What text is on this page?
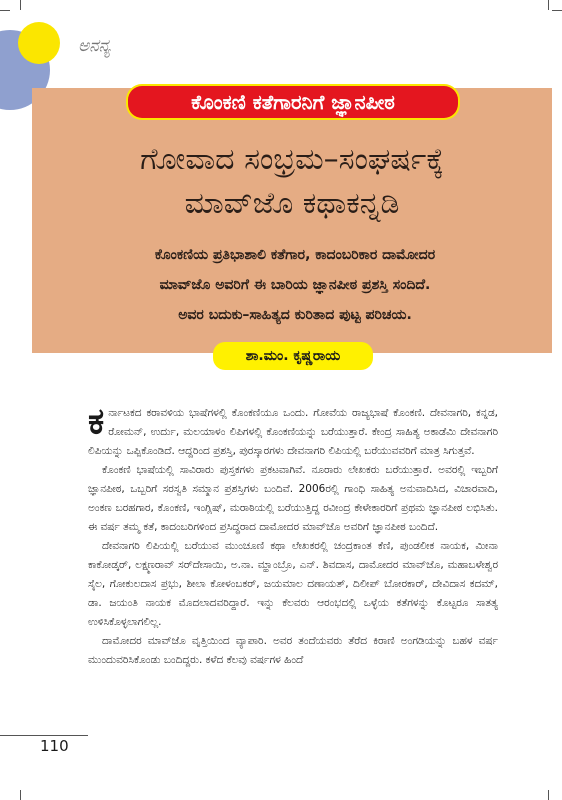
ಅನನ್ಯ
ಕೊಂಕಣಿ ಕತೆಗಾರನಿಗೆ ಜ್ಞಾನಪೀಠ
ಗೋವಾದ ಸಂಭ್ರಮ–ಸಂಘರ್ಷಕ್ಕೆ
ಮಾವ್‌ಜೊ ಕಥಾಕನ್ನಡಿ
ಕೊಂಕಣಿಯ ಪ್ರತಿಭಾಶಾಲಿ ಕತೆಗಾರ, ಕಾದಂಬರಿಕಾರ ದಾಮೋದರ
ಮಾವ್‌ಜೊ ಅವರಿಗೆ ಈ ಬಾರಿಯ ಜ್ಞಾನಪೀಠ ಪ್ರಶಸ್ತಿ ಸಂದಿದೆ.
ಅವರ ಬದುಕು–ಸಾಹಿತ್ಯದ ಕುರಿತಾದ ಪುಟ್ಟ ಪರಿಚಯ.
ಶಾ.ಮಂ. ಕೃಷ್ಣರಾಯ

ಕರ್ನಾಟಕದ ಕರಾವಳಿಯ ಭಾಷೆಗಳಲ್ಲಿ ಕೊಂಕಣಿಯೂ ಒಂದು. ಗೋವೆಯ ರಾಜ್ಯಭಾಷೆ ಕೊಂಕಣಿ. ದೇವನಾಗರಿ, ಕನ್ನಡ, ರೋಮನ್, ಉರ್ದು, ಮಲಯಾಳಂ ಲಿಪಿಗಳಲ್ಲಿ ಕೊಂಕಣಿಯನ್ನು ಬರೆಯುತ್ತಾರೆ. ಕೇಂದ್ರ ಸಾಹಿತ್ಯ ಅಕಾಡೆಮಿ ದೇವನಾಗರಿ ಲಿಪಿಯನ್ನು ಒಪ್ಪಿಕೊಂಡಿದೆ. ಆದ್ದರಿಂದ ಪ್ರಶಸ್ತಿ, ಪುರಸ್ಕಾರಗಳು ದೇವನಾಗರಿ ಲಿಪಿಯಲ್ಲಿ ಬರೆಯುವವರಿಗೆ ಮಾತ್ರ ಸಿಗುತ್ತವೆ.

ಕೊಂಕಣಿ ಭಾಷೆಯಲ್ಲಿ ಸಾವಿರಾರು ಪುಸ್ತಕಗಳು ಪ್ರಕಟವಾಗಿವೆ. ನೂರಾರು ಲೇಖಕರು ಬರೆಯುತ್ತಾರೆ. ಅವರಲ್ಲಿ ಇಬ್ಬರಿಗೆ ಜ್ಞಾನಪೀಠ, ಒಬ್ಬರಿಗೆ ಸರಸ್ವತಿ ಸಮ್ಮಾನ ಪ್ರಶಸ್ತಿಗಳು ಬಂದಿವೆ. 2006ರಲ್ಲಿ ಗಾಂಧಿ ಸಾಹಿತ್ಯ ಅನುವಾದಿಸಿದ, ವಿಚಾರವಾದಿ, ಅಂಕಣ ಬರಹಗಾರ, ಕೊಂಕಣಿ, ಇಂಗ್ಲಿಷ್, ಮರಾಠಿಯಲ್ಲಿ ಬರೆಯುತ್ತಿದ್ದ ರವೀಂದ್ರ ಕೇಳೇಕಾರರಿಗೆ ಪ್ರಥಮ ಜ್ಞಾನಪೀಠ ಲಭಿಸಿತು. ಈ ವರ್ಷ ತಮ್ಮ ಕತೆ, ಕಾದಂಬರಿಗಳಿಂದ ಪ್ರಸಿದ್ಧರಾದ ದಾಮೋದರ ಮಾವ್‌ಜೊ ಅವರಿಗೆ ಜ್ಞಾನಪೀಠ ಬಂದಿದೆ.

ದೇವನಾಗರಿ ಲಿಪಿಯಲ್ಲಿ ಬರೆಯುವ ಮುಂಚೂಣಿ ಕಥಾ ಲೇಖಕರಲ್ಲಿ ಚಂದ್ರಕಾಂತ ಕೆಣಿ, ಪುಂಡಲೀಕ ನಾಯಕ, ಮೀನಾ ಕಾಕೋಡ್ಕರ್, ಲಕ್ಷ್ಮಣರಾವ್ ಸರ್‌ದೇಸಾಯಿ, ಅ.ನಾ. ಮ್ಹಾಂಬ್ರೊ, ಎನ್. ಶಿವದಾಸ, ದಾಮೋದರ ಮಾವ್‌ಜೊ, ಮಹಾಬಳೇಶ್ವರ ಸೈಲ, ಗೋಕುಲದಾಸ ಪ್ರಭು, ಶೀಲಾ ಕೋಳಂಬಕರ್, ಜಯಮಾಲ ದಣಾಯತ್, ದಿಲೀಪ್ ಬೋರಕಾರ್, ದೇವಿದಾಸ ಕದಮ್, ಡಾ. ಜಯಂತಿ ನಾಯಕ ಮೊದಲಾದವರಿದ್ದಾರೆ. ಇನ್ನು ಕೆಲವರು ಆರಂಭದಲ್ಲಿ ಒಳ್ಳೆಯ ಕತೆಗಳನ್ನು ಕೊಟ್ಟರೂ ಸಾತತ್ಯ ಉಳಿಸಿಕೊಳ್ಳಲಾಗಲಿಲ್ಲ.

ದಾಮೋದರ ಮಾವ್‌ಜೊ ವೃತ್ತಿಯಿಂದ ವ್ಯಾಪಾರಿ. ಅವರ ತಂದೆಯವರು ತೆರೆದ ಕಿರಾಣಿ ಅಂಗಡಿಯನ್ನು ಬಹಳ ವರ್ಷ ಮುಂದುವರಿಸಿಕೊಂಡು ಬಂದಿದ್ದರು. ಕಳೆದ ಕೆಲವು ವರ್ಷಗಳ ಹಿಂದೆ

110
